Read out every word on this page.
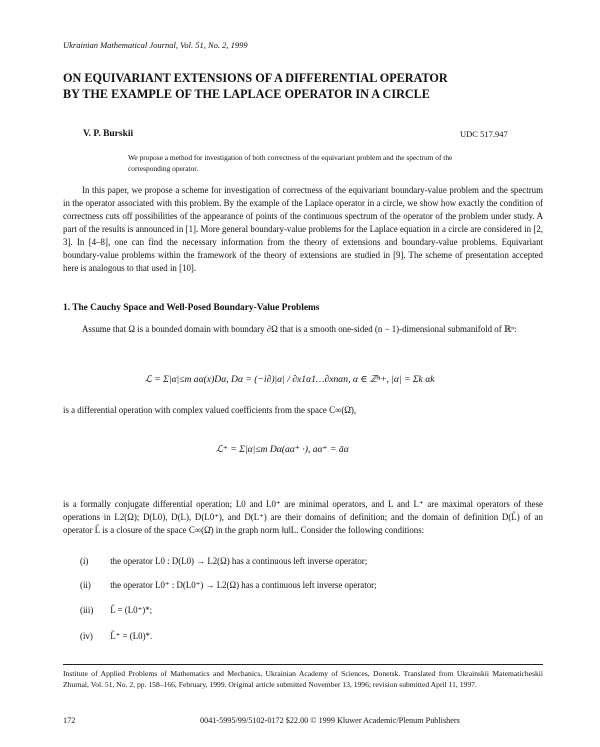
Ukrainian Mathematical Journal, Vol. 51, No. 2, 1999
ON EQUIVARIANT EXTENSIONS OF A DIFFERENTIAL OPERATOR
BY THE EXAMPLE OF THE LAPLACE OPERATOR IN A CIRCLE
V. P. Burskii	UDC 517.947
We propose a method for investigation of both correctness of the equivariant problem and the spectrum of the corresponding operator.
In this paper, we propose a scheme for investigation of correctness of the equivariant boundary-value problem and the spectrum in the operator associated with this problem. By the example of the Laplace operator in a circle, we show how exactly the condition of correctness cuts off possibilities of the appearance of points of the continuous spectrum of the operator of the problem under study. A part of the results is announced in [1]. More general boundary-value problems for the Laplace equation in a circle are considered in [2, 3]. In [4–8], one can find the necessary information from the theory of extensions and boundary-value problems. Equivariant boundary-value problems within the framework of the theory of extensions are studied in [9]. The scheme of presentation accepted here is analogous to that used in [10].
1. The Cauchy Space and Well-Posed Boundary-Value Problems
Assume that Ω is a bounded domain with boundary ∂Ω that is a smooth one-sided (n − 1)-dimensional submanifold of ℝⁿ:
ℒ = Σ|α|≤m aα(x)Dα, Dα = (−i∂)|α| / ∂x1α1…∂xnαn, α ∈ ℤⁿ+, |α| = Σk αk
is a differential operation with complex valued coefficients from the space C∞(Ω̄),
ℒ⁺ = Σ|α|≤m Dα(aα⁺ ·), aα⁺ = āα
is a formally conjugate differential operation; L0 and L0⁺ are minimal operators, and L and L⁺ are maximal operators of these operations in L2(Ω); D(L0), D(L), D(L0⁺), and D(L⁺) are their domains of definition; and the domain of definition D(L̃) of an operator L̃ is a closure of the space C∞(Ω̄) in the graph norm ‖u‖L. Consider the following conditions:
(i) the operator L0 : D(L0) → L2(Ω) has a continuous left inverse operator;
(ii) the operator L0⁺ : D(L0⁺) → L2(Ω) has a continuous left inverse operator;
(iii) L̃ = (L0⁺)*;
(iv) L̃⁺ = (L0)*.
Institute of Applied Problems of Mathematics and Mechanics, Ukrainian Academy of Sciences, Donetsk. Translated from Ukrainskii Matematicheskii Zhurnal, Vol. 51, No. 2, pp. 158–166, February, 1999. Original article submitted November 13, 1996; revision submitted April 11, 1997.
172	0041-5995/99/5102-0172 $22.00 © 1999 Kluwer Academic/Plenum Publishers
